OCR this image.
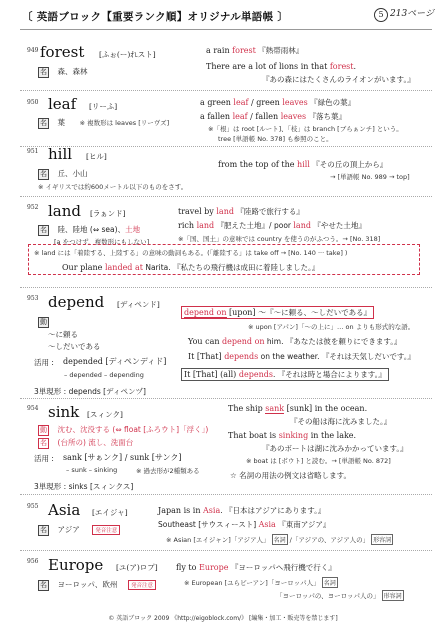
〔 英語ブロック【重要ランク順】オリジナル単語帳 〕	5 213ページ
949 forest [ふぉ(ー)れスト]
名 森、森林
a rain forest 『熱帯雨林』
There are a lot of lions in that forest.
『あの森にはたくさんのライオンがいます。』
950 leaf [リーふ]
名 葉 ※ 複数形は leaves [リーヴズ]
a green leaf / green leaves 『緑色の葉』
a fallen leaf / fallen leaves 『落ち葉』
※「根」は root [ルート]、「枝」は branch [ブらぁンチ] という。
tree [単語帳 No. 378] も参照のこと。
951 hill [ヒル]
名 丘、小山
※ イギリスでは約600メートル以下のものをさす。
from the top of the hill 『その丘の頂上から』
→ [単語帳 No. 989 → top]
952 land [ラぁンド]
名 陸、陸地 (⇔ sea)、土地
[a をつけず、複数形にもしない]
travel by land 『陸路で旅行する』
rich land 『肥えた土地』/ poor land 『やせた土地』
※「国、国土」の意味では country を使うのがふつう。→ [No. 318]
※ land には「着陸する、上陸する」の意味の動詞もある。(「離陸する」は take off → [No. 140 ··· take] )
Our plane landed at Narita. 『私たちの飛行機は成田に着陸しました。』
953 depend [ディペンド]
動
〜に頼る
〜しだいである
活用 : depended [ディペンディド]
– depended – depending
3単現形 : depends [ディペンヅ]
depend on [upon] 〜『〜に頼る、〜しだいである』
※ upon [アパン]「〜の上に」… on よりも形式的な語。
You can depend on him. 『あなたは彼を頼りにできます。』
It [That] depends on the weather. 『それは天気しだいです。』
It [That] (all) depends. 『それは時と場合によります。』
954 sink [スィンク]
動 沈む、沈没する (⇔ float [ふろウト]「浮く」)
名 (台所の) 流し、洗面台
活用 : sank [サぁンク] / sunk [サンク]
– sunk – sinking	※ 過去形が2種類ある
3単現形 : sinks [スィンクス]
The ship sank [sunk] in the ocean.
『その船は海に沈みました。』
That boat is sinking in the lake.
『あのボートは湖に沈みかかっています。』
※ boat は [ボウト] と読む。→ [単語帳 No. 872]
☆ 名詞の用法の例文は省略します。
955 Asia [エイジャ]
名 アジア	発音注意
Japan is in Asia. 『日本はアジアにあります。』
Southeast [サウスィースト] Asia 『東南アジア』
※ Asian [エイジャン]「アジア人」 名詞 /「アジアの、アジア人の」 形容詞
956 Europe [ユ(ア)ロプ]
名 ヨーロッパ、欧州 発音注意
fly to Europe 『ヨーロッパへ飛行機で行く』
※ European [ユらピーアン]「ヨーロッパ人」 名詞
「ヨーロッパの、ヨーロッパ人の」 形容詞
© 英語ブロック 2009 《http://eigoblock.com/》 [編集・加工・販売等を禁じます]
